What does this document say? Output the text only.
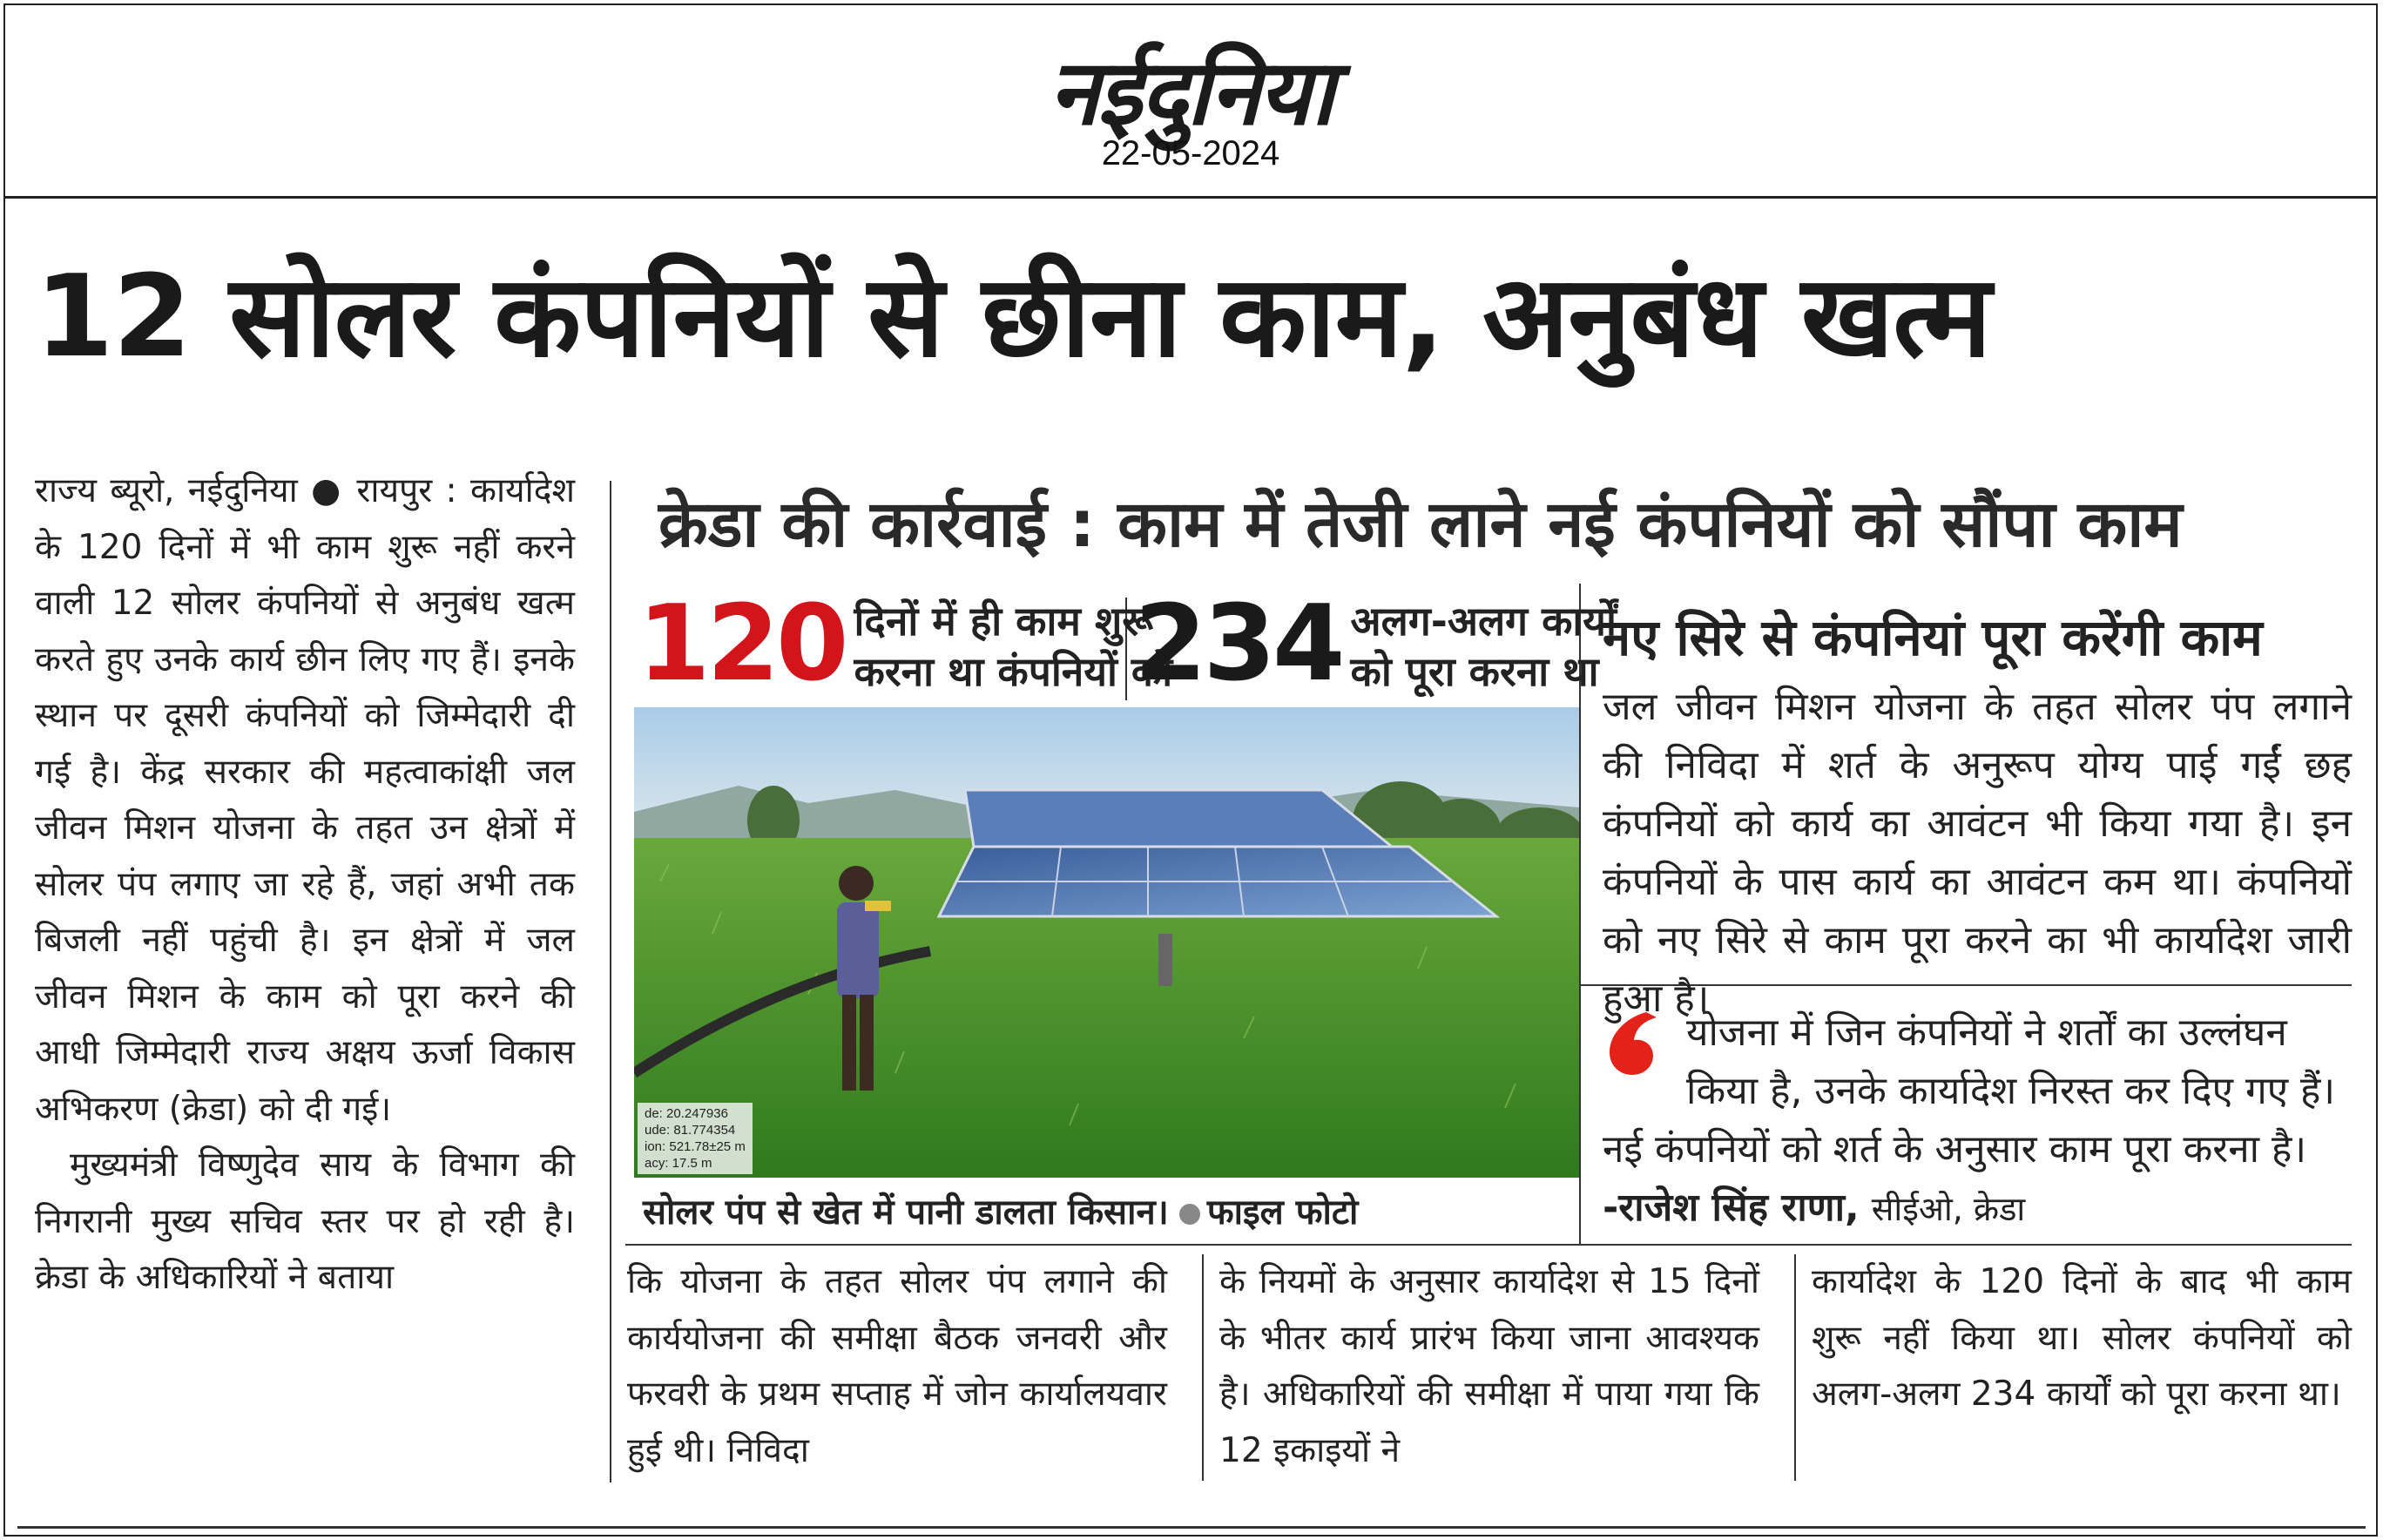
नईदुनिया
22-05-2024
12 सोलर कंपनियों से छीना काम, अनुबंध खत्म
राज्य ब्यूरो, नईदुनिया ● रायपुर : कार्यादेश के 120 दिनों में भी काम शुरू नहीं करने वाली 12 सोलर कंपनियों से अनुबंध खत्म करते हुए उनके कार्य छीन लिए गए हैं। इनके स्थान पर दूसरी कंपनियों को जिम्मेदारी दी गई है। केंद्र सरकार की महत्वाकांक्षी जल जीवन मिशन योजना के तहत उन क्षेत्रों में सोलर पंप लगाए जा रहे हैं, जहां अभी तक बिजली नहीं पहुंची है। इन क्षेत्रों में जल जीवन मिशन के काम को पूरा करने की आधी जिम्मेदारी राज्य अक्षय ऊर्जा विकास अभिकरण (क्रेडा) को दी गई।
मुख्यमंत्री विष्णुदेव साय के विभाग की निगरानी मुख्य सचिव स्तर पर हो रही है। क्रेडा के अधिकारियों ने बताया
क्रेडा की कार्रवाई : काम में तेजी लाने नई कंपनियों को सौंपा काम
120 दिनों में ही काम शुरू
करना था कंपनियों को
234 अलग-अलग कार्यों
को पूरा करना था
de: 20.247936
ude: 81.774354
ion: 521.78±25 m
acy: 17.5 m
सोलर पंप से खेत में पानी डालता किसान। फाइल फोटो
नए सिरे से कंपनियां पूरा करेंगी काम
जल जीवन मिशन योजना के तहत सोलर पंप लगाने की निविदा में शर्त के अनुरूप योग्य पाई गईं छह कंपनियों को कार्य का आवंटन भी किया गया है। इन कंपनियों के पास कार्य का आवंटन कम था। कंपनियों को नए सिरे से काम पूरा करने का भी कार्यादेश जारी हुआ है।
योजना में जिन कंपनियों ने शर्तों का उल्लंघन किया है, उनके कार्यादेश निरस्त कर दिए गए हैं। नई कंपनियों को शर्त के अनुसार काम पूरा करना है।
-राजेश सिंह राणा, सीईओ, क्रेडा
कि योजना के तहत सोलर पंप लगाने की कार्ययोजना की समीक्षा बैठक जनवरी और फरवरी के प्रथम सप्ताह में जोन कार्यालयवार हुई थी। निविदा
के नियमों के अनुसार कार्यादेश से 15 दिनों के भीतर कार्य प्रारंभ किया जाना आवश्यक है। अधिकारियों की समीक्षा में पाया गया कि 12 इकाइयों ने
कार्यादेश के 120 दिनों के बाद भी काम शुरू नहीं किया था। सोलर कंपनियों को अलग-अलग 234 कार्यों को पूरा करना था।
